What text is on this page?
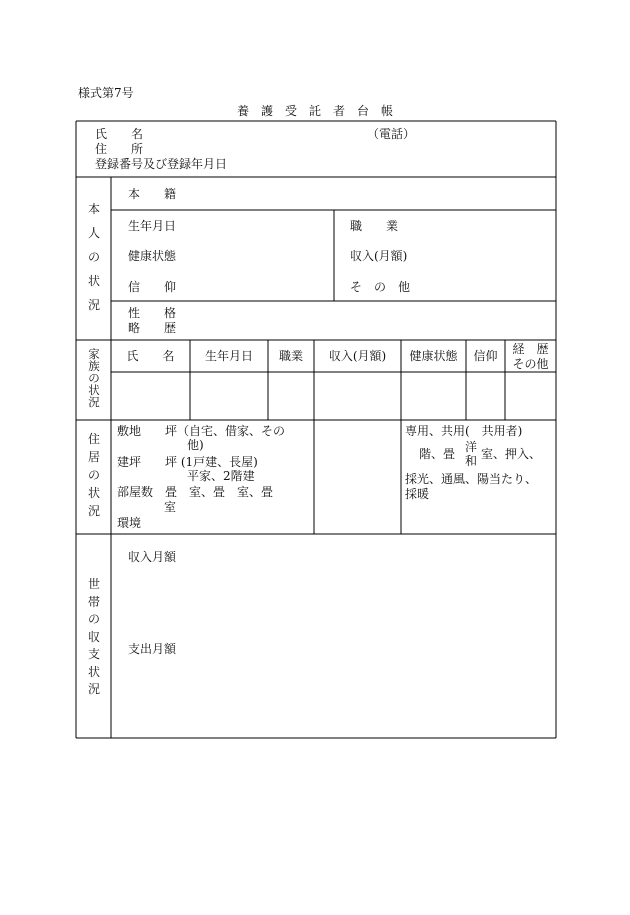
様式第7号
養　護　受　託　者　台　帳
氏　　名	（電話）
住　　所
登録番号及び登録年月日
本
人
の
状
況
本　　籍
生年月日	職　　業
健康状態	収入(月額)
信　　仰	そ　の　他
性　　格
略　　歴
家
族
の
状
況
氏　　名	生年月日	職業	収入(月額)	健康状態	信仰	経　歴
その他
住
居
の
状
況
敷地　　坪（自宅、借家、その
他)
建坪　　坪 (1戸建、長屋)
平家、2階建
部屋数　畳　室、畳　室、畳
室
環境
専用、共用(　共用者)
階、畳 洋
和 室、押入、
採光、通風、陽当たり、
採暖
世
帯
の
収
支
状
況
収入月額
支出月額
